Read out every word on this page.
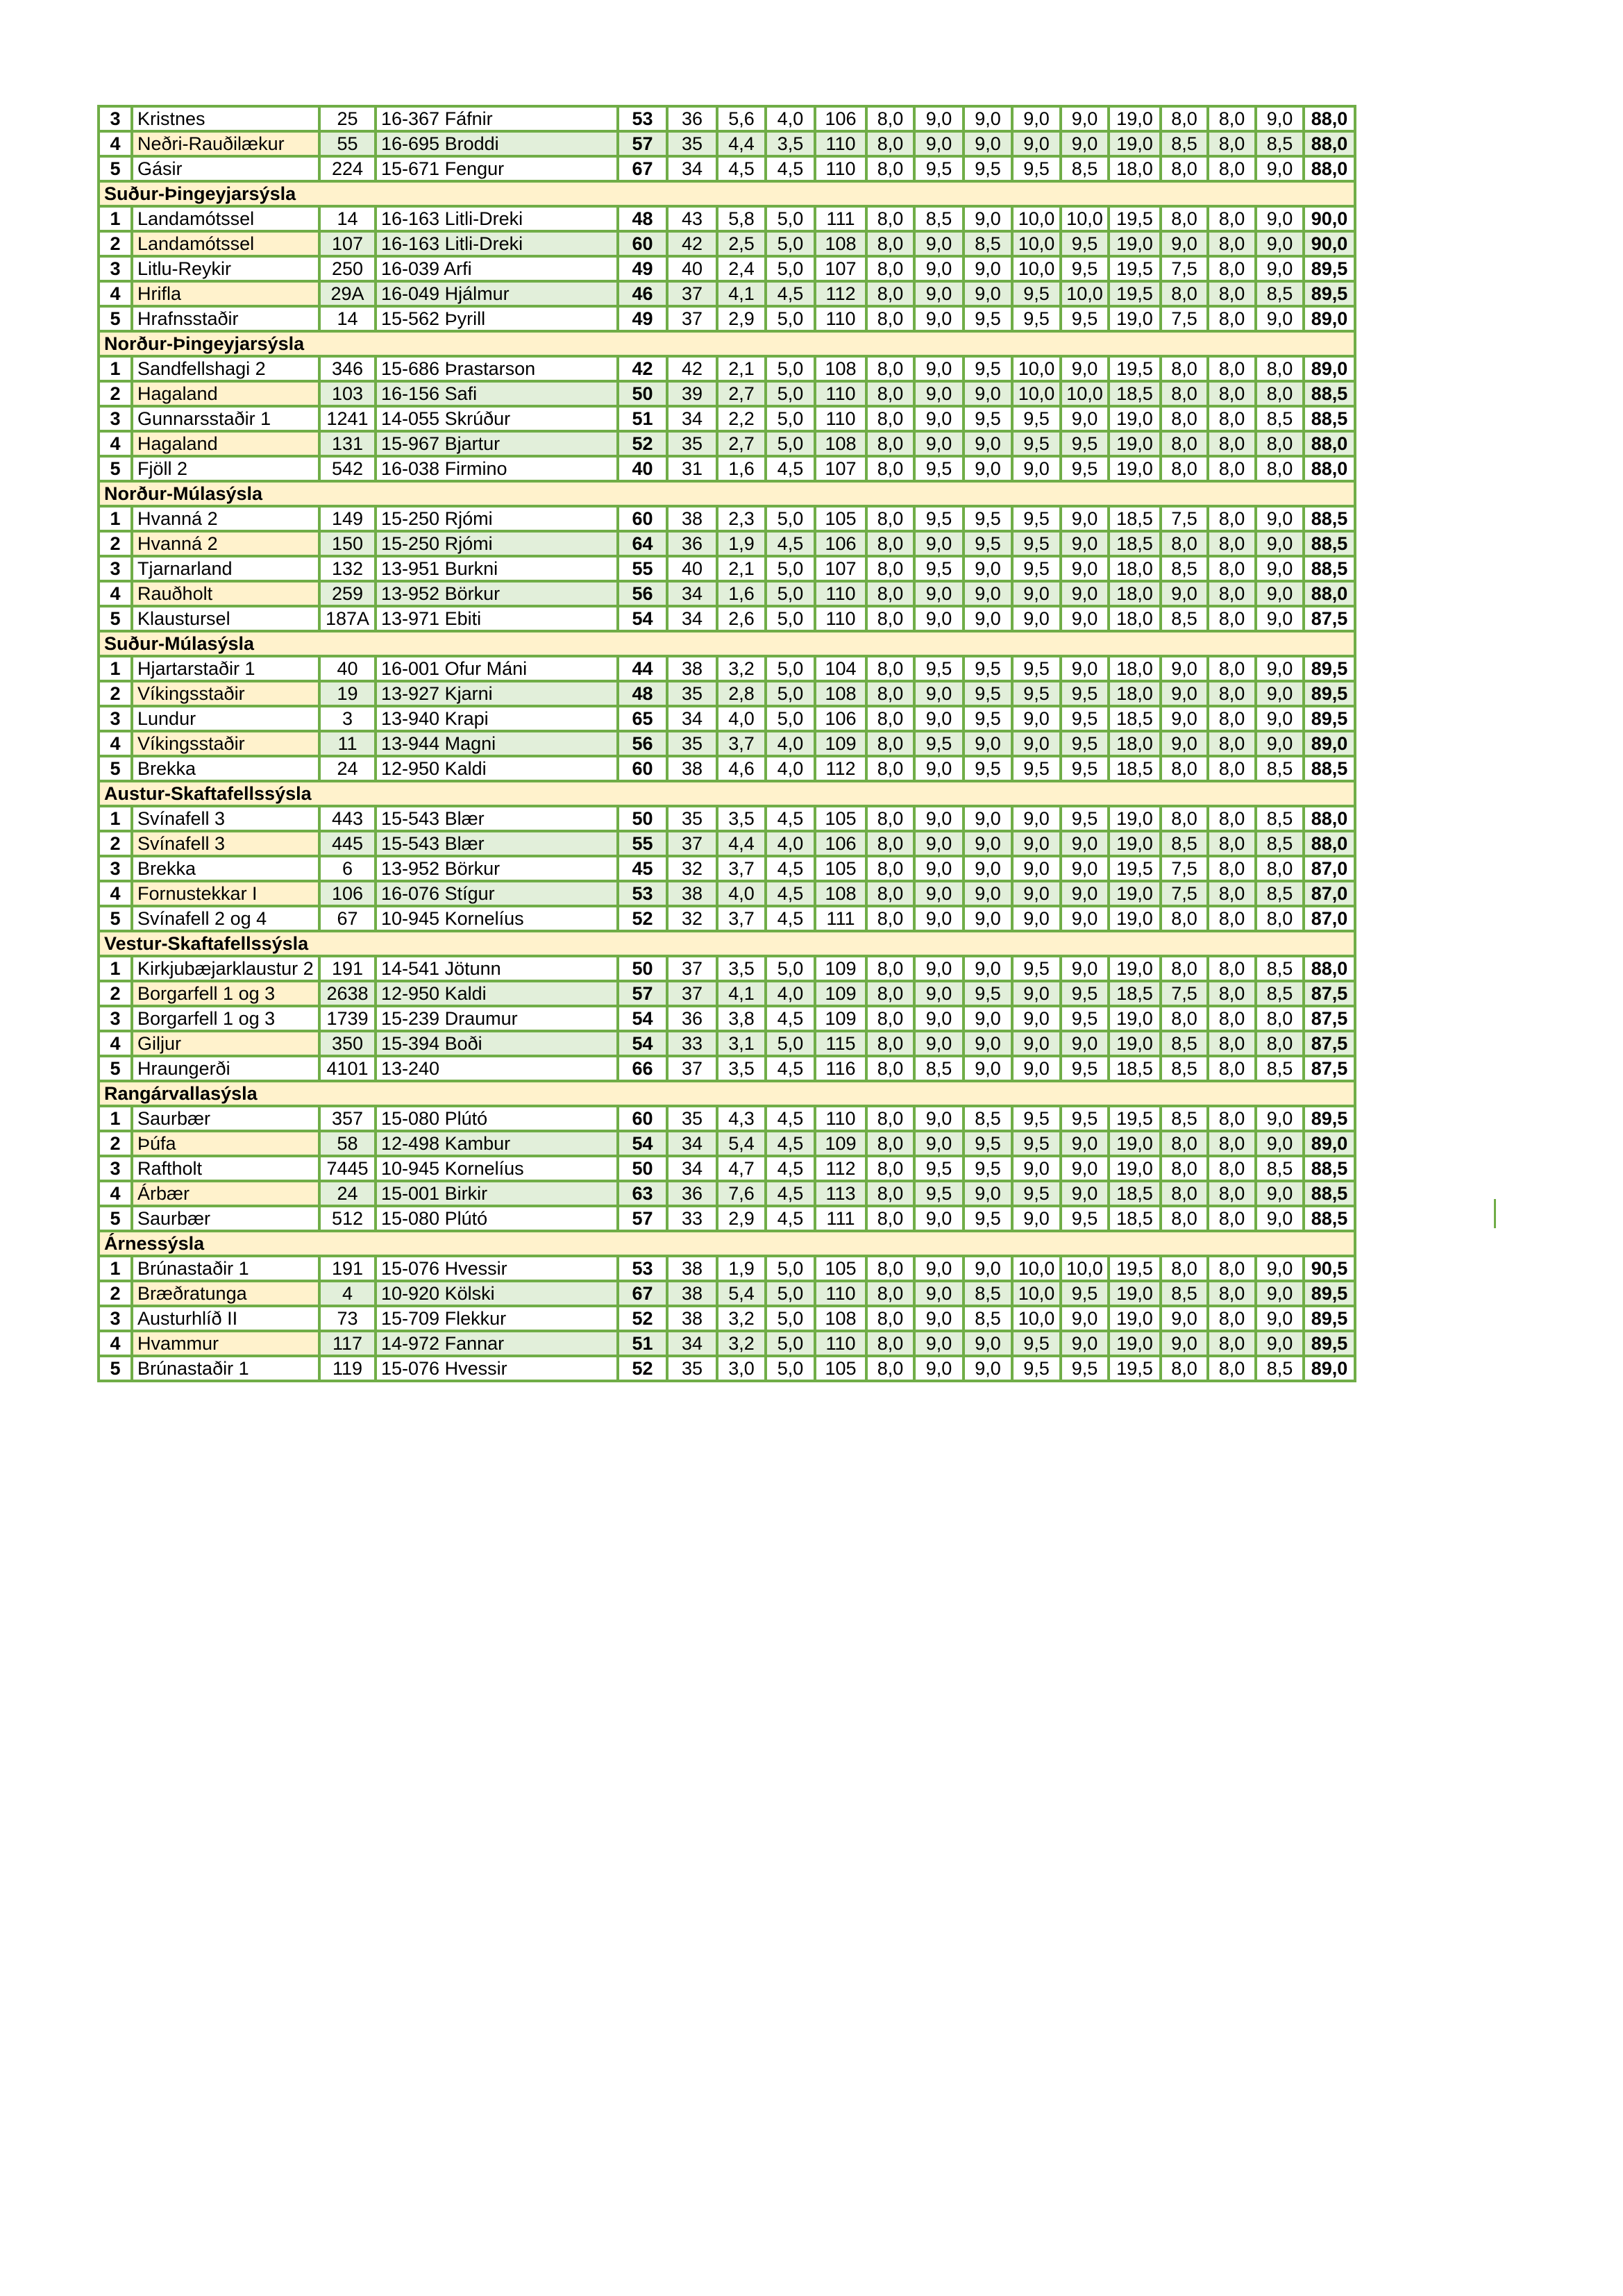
3	Kristnes	25	16-367 Fáfnir	53	36	5,6	4,0	106	8,0	9,0	9,0	9,0	9,0	19,0	8,0	8,0	9,0	88,0
4	Neðri-Rauðilækur	55	16-695 Broddi	57	35	4,4	3,5	110	8,0	9,0	9,0	9,0	9,0	19,0	8,5	8,0	8,5	88,0
5	Gásir	224	15-671 Fengur	67	34	4,5	4,5	110	8,0	9,5	9,5	9,5	8,5	18,0	8,0	8,0	9,0	88,0
Suður-Þingeyjarsýsla																		
1	Landamótssel	14	16-163 Litli-Dreki	48	43	5,8	5,0	111	8,0	8,5	9,0	10,0	10,0	19,5	8,0	8,0	9,0	90,0
2	Landamótssel	107	16-163 Litli-Dreki	60	42	2,5	5,0	108	8,0	9,0	8,5	10,0	9,5	19,0	9,0	8,0	9,0	90,0
3	Litlu-Reykir	250	16-039 Arfi	49	40	2,4	5,0	107	8,0	9,0	9,0	10,0	9,5	19,5	7,5	8,0	9,0	89,5
4	Hrifla	29A	16-049 Hjálmur	46	37	4,1	4,5	112	8,0	9,0	9,0	9,5	10,0	19,5	8,0	8,0	8,5	89,5
5	Hrafnsstaðir	14	15-562 Þyrill	49	37	2,9	5,0	110	8,0	9,0	9,5	9,5	9,5	19,0	7,5	8,0	9,0	89,0
Norður-Þingeyjarsýsla																		
1	Sandfellshagi 2	346	15-686 Þrastarson	42	42	2,1	5,0	108	8,0	9,0	9,5	10,0	9,0	19,5	8,0	8,0	8,0	89,0
2	Hagaland	103	16-156 Safi	50	39	2,7	5,0	110	8,0	9,0	9,0	10,0	10,0	18,5	8,0	8,0	8,0	88,5
3	Gunnarsstaðir 1	1241	14-055 Skrúður	51	34	2,2	5,0	110	8,0	9,0	9,5	9,5	9,0	19,0	8,0	8,0	8,5	88,5
4	Hagaland	131	15-967 Bjartur	52	35	2,7	5,0	108	8,0	9,0	9,0	9,5	9,5	19,0	8,0	8,0	8,0	88,0
5	Fjöll 2	542	16-038 Firmino	40	31	1,6	4,5	107	8,0	9,5	9,0	9,0	9,5	19,0	8,0	8,0	8,0	88,0
Norður-Múlasýsla																		
1	Hvanná 2	149	15-250 Rjómi	60	38	2,3	5,0	105	8,0	9,5	9,5	9,5	9,0	18,5	7,5	8,0	9,0	88,5
2	Hvanná 2	150	15-250 Rjómi	64	36	1,9	4,5	106	8,0	9,0	9,5	9,5	9,0	18,5	8,0	8,0	9,0	88,5
3	Tjarnarland	132	13-951 Burkni	55	40	2,1	5,0	107	8,0	9,5	9,0	9,5	9,0	18,0	8,5	8,0	9,0	88,5
4	Rauðholt	259	13-952 Börkur	56	34	1,6	5,0	110	8,0	9,0	9,0	9,0	9,0	18,0	9,0	8,0	9,0	88,0
5	Klaustursel	187A	13-971 Ebiti	54	34	2,6	5,0	110	8,0	9,0	9,0	9,0	9,0	18,0	8,5	8,0	9,0	87,5
Suður-Múlasýsla																		
1	Hjartarstaðir 1	40	16-001 Ofur Máni	44	38	3,2	5,0	104	8,0	9,5	9,5	9,5	9,0	18,0	9,0	8,0	9,0	89,5
2	Víkingsstaðir	19	13-927 Kjarni	48	35	2,8	5,0	108	8,0	9,0	9,5	9,5	9,5	18,0	9,0	8,0	9,0	89,5
3	Lundur	3	13-940 Krapi	65	34	4,0	5,0	106	8,0	9,0	9,5	9,0	9,5	18,5	9,0	8,0	9,0	89,5
4	Víkingsstaðir	11	13-944 Magni	56	35	3,7	4,0	109	8,0	9,5	9,0	9,0	9,5	18,0	9,0	8,0	9,0	89,0
5	Brekka	24	12-950 Kaldi	60	38	4,6	4,0	112	8,0	9,0	9,5	9,5	9,5	18,5	8,0	8,0	8,5	88,5
Austur-Skaftafellssýsla																		
1	Svínafell 3	443	15-543 Blær	50	35	3,5	4,5	105	8,0	9,0	9,0	9,0	9,5	19,0	8,0	8,0	8,5	88,0
2	Svínafell 3	445	15-543 Blær	55	37	4,4	4,0	106	8,0	9,0	9,0	9,0	9,0	19,0	8,5	8,0	8,5	88,0
3	Brekka	6	13-952 Börkur	45	32	3,7	4,5	105	8,0	9,0	9,0	9,0	9,0	19,5	7,5	8,0	8,0	87,0
4	Fornustekkar I	106	16-076 Stígur	53	38	4,0	4,5	108	8,0	9,0	9,0	9,0	9,0	19,0	7,5	8,0	8,5	87,0
5	Svínafell 2 og 4	67	10-945 Kornelíus	52	32	3,7	4,5	111	8,0	9,0	9,0	9,0	9,0	19,0	8,0	8,0	8,0	87,0
Vestur-Skaftafellssýsla																		
1	Kirkjubæjarklaustur 2	191	14-541 Jötunn	50	37	3,5	5,0	109	8,0	9,0	9,0	9,5	9,0	19,0	8,0	8,0	8,5	88,0
2	Borgarfell 1 og 3	2638	12-950 Kaldi	57	37	4,1	4,0	109	8,0	9,0	9,5	9,0	9,5	18,5	7,5	8,0	8,5	87,5
3	Borgarfell 1 og 3	1739	15-239 Draumur	54	36	3,8	4,5	109	8,0	9,0	9,0	9,0	9,5	19,0	8,0	8,0	8,0	87,5
4	Giljur	350	15-394 Boði	54	33	3,1	5,0	115	8,0	9,0	9,0	9,0	9,0	19,0	8,5	8,0	8,0	87,5
5	Hraungerði	4101	13-240	66	37	3,5	4,5	116	8,0	8,5	9,0	9,0	9,5	18,5	8,5	8,0	8,5	87,5
Rangárvallasýsla																		
1	Saurbær	357	15-080 Plútó	60	35	4,3	4,5	110	8,0	9,0	8,5	9,5	9,5	19,5	8,5	8,0	9,0	89,5
2	Þúfa	58	12-498 Kambur	54	34	5,4	4,5	109	8,0	9,0	9,5	9,5	9,0	19,0	8,0	8,0	9,0	89,0
3	Raftholt	7445	10-945 Kornelíus	50	34	4,7	4,5	112	8,0	9,5	9,5	9,0	9,0	19,0	8,0	8,0	8,5	88,5
4	Árbær	24	15-001 Birkir	63	36	7,6	4,5	113	8,0	9,5	9,0	9,5	9,0	18,5	8,0	8,0	9,0	88,5
5	Saurbær	512	15-080 Plútó	57	33	2,9	4,5	111	8,0	9,0	9,5	9,0	9,5	18,5	8,0	8,0	9,0	88,5
Árnessýsla																		
1	Brúnastaðir 1	191	15-076 Hvessir	53	38	1,9	5,0	105	8,0	9,0	9,0	10,0	10,0	19,5	8,0	8,0	9,0	90,5
2	Bræðratunga	4	10-920 Kölski	67	38	5,4	5,0	110	8,0	9,0	8,5	10,0	9,5	19,0	8,5	8,0	9,0	89,5
3	Austurhlíð II	73	15-709 Flekkur	52	38	3,2	5,0	108	8,0	9,0	8,5	10,0	9,0	19,0	9,0	8,0	9,0	89,5
4	Hvammur	117	14-972 Fannar	51	34	3,2	5,0	110	8,0	9,0	9,0	9,5	9,0	19,0	9,0	8,0	9,0	89,5
5	Brúnastaðir 1	119	15-076 Hvessir	52	35	3,0	5,0	105	8,0	9,0	9,0	9,5	9,5	19,5	8,0	8,0	8,5	89,0
